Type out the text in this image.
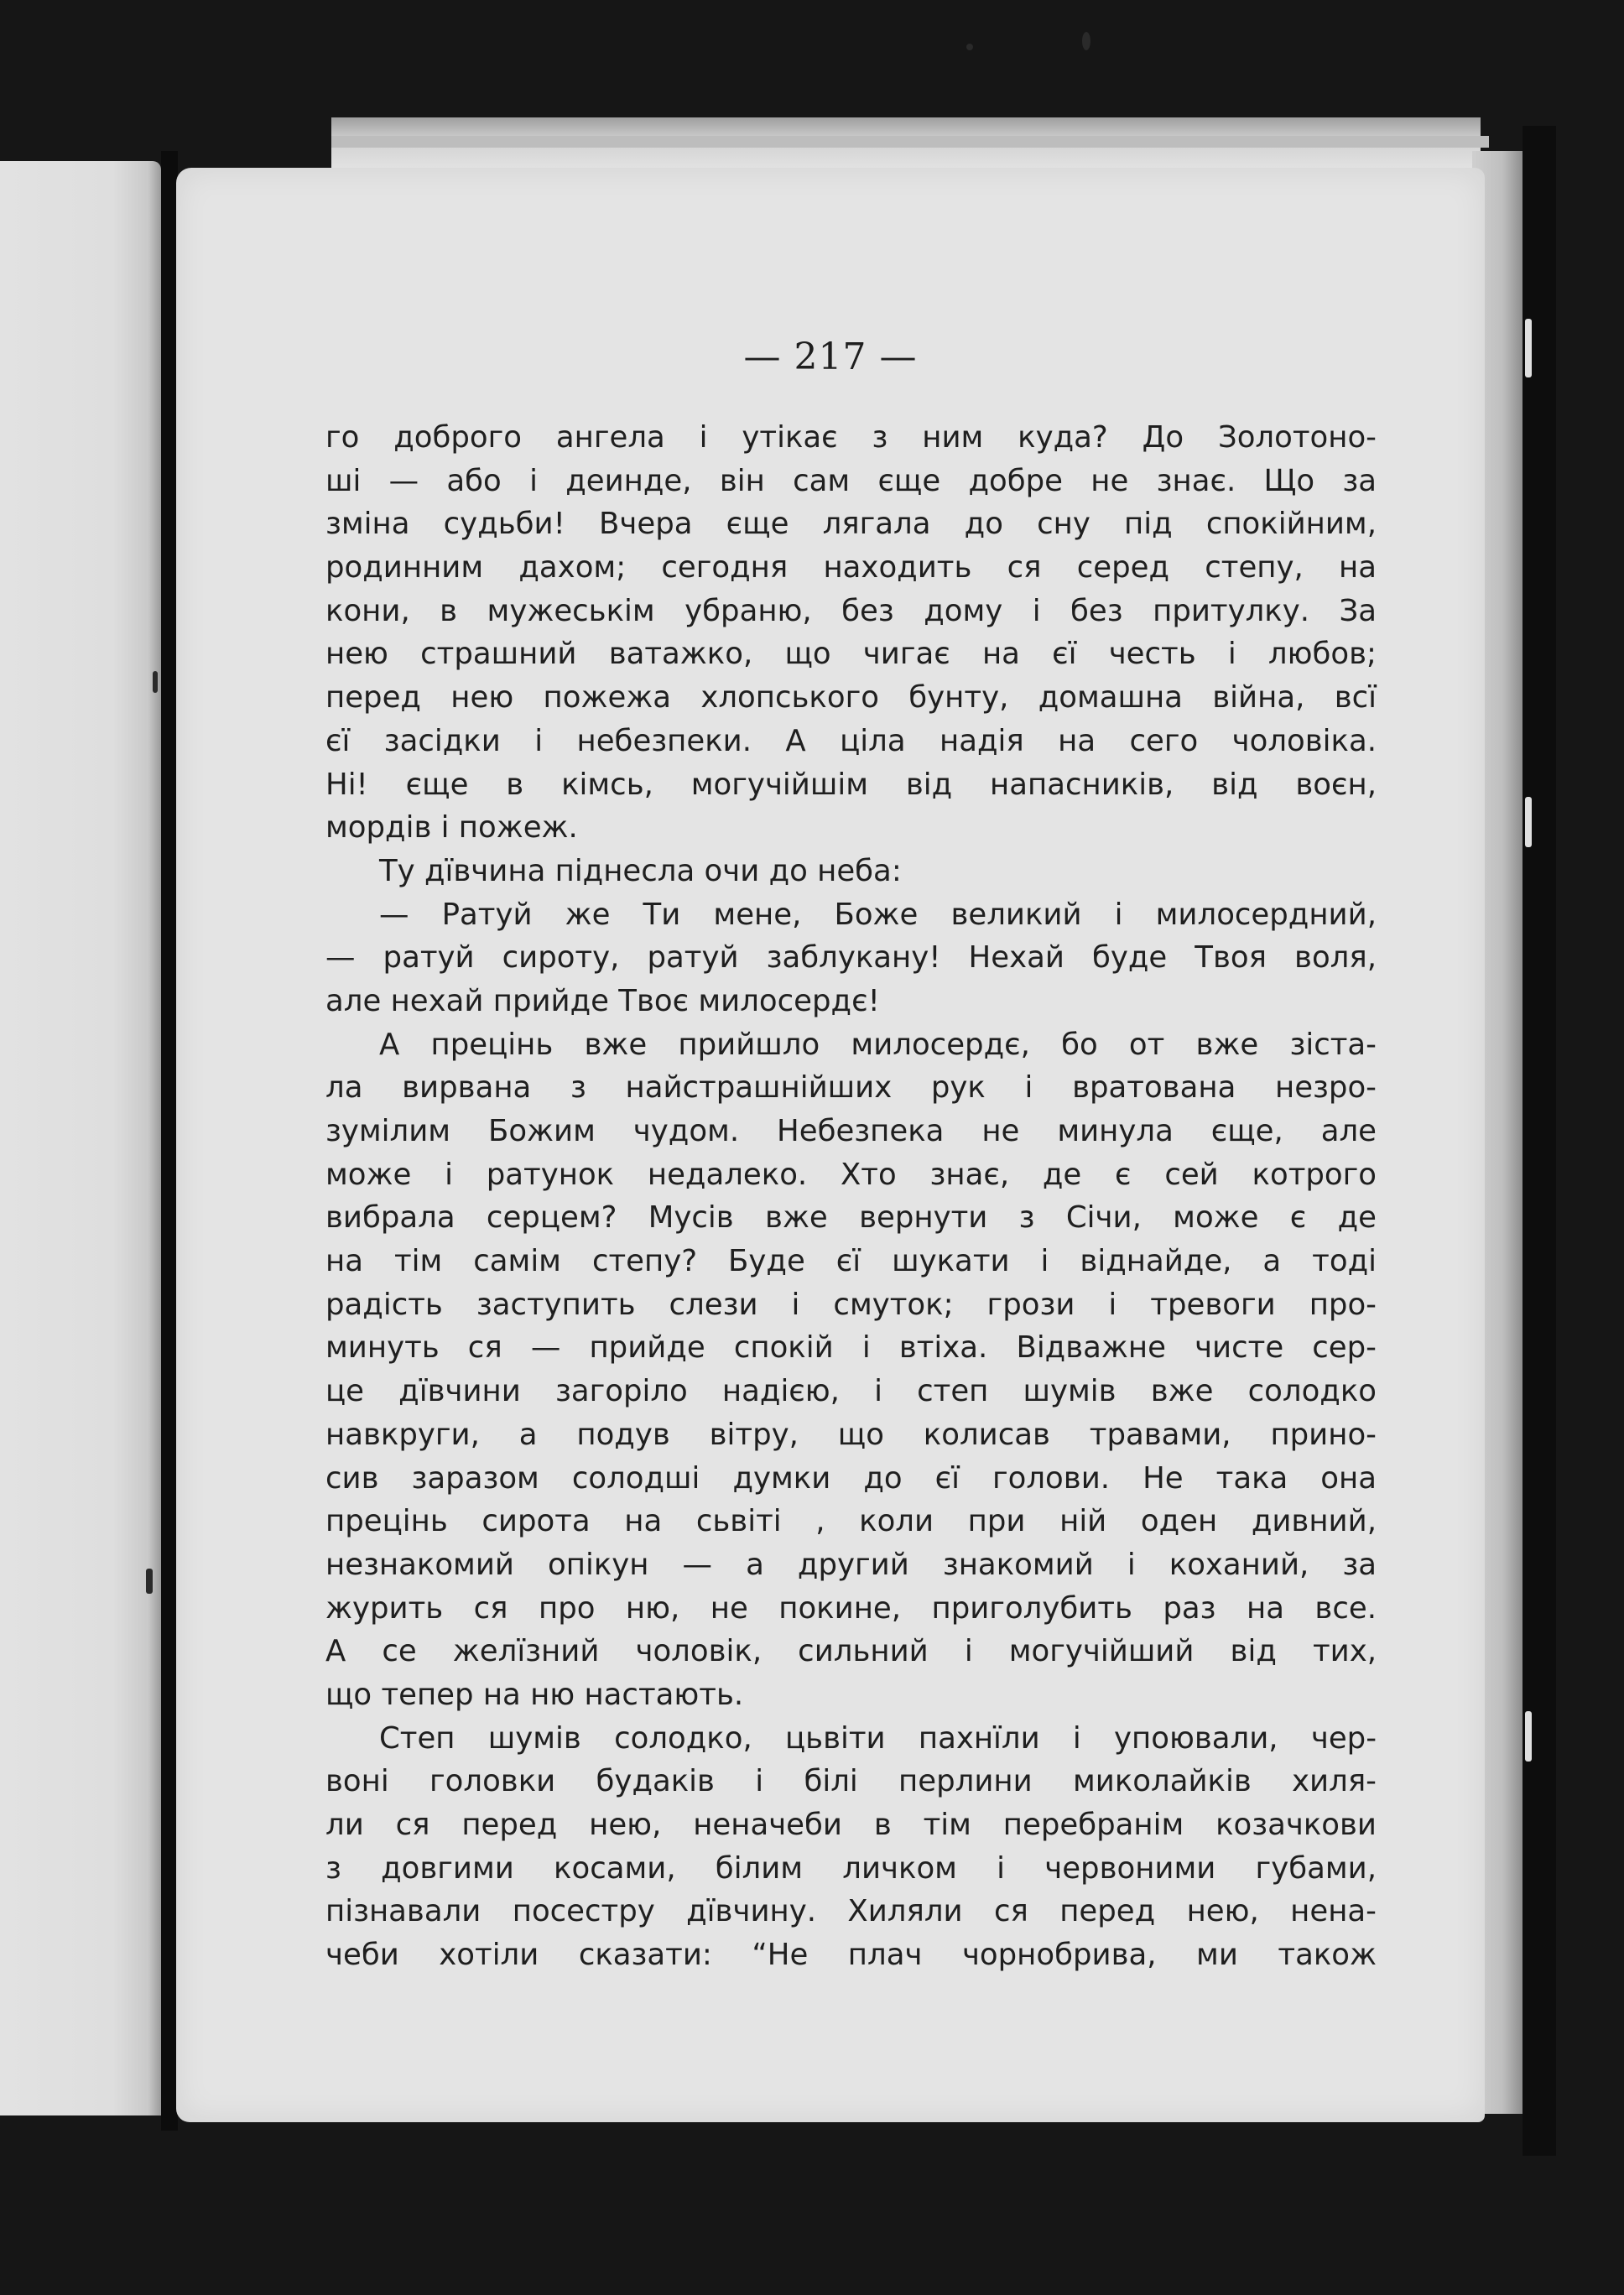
— 217 —
го доброго ангела і утікає з ним куда? До Золотоно-
ші — або і деинде, він сам єще добре не знає. Що за
зміна судьби! Вчера єще лягала до сну під спокійним,
родинним дахом; сегодня находить ся серед степу, на
кони, в мужеськім убраню, без дому і без притулку. За
нею страшний ватажко, що чигає на єї честь і любов;
перед нею пожежа хлопського бунту, домашна війна, всї
єї засідки і небезпеки. А ціла надія на сего чоловіка.
Ні! єще в кімсь, могучійшім від напасників, від воєн,
мордів і пожеж.
Ту дївчина піднесла очи до неба:
— Ратуй же Ти мене, Боже великий і милосердний,
— ратуй сироту, ратуй заблукану! Нехай буде Твоя воля,
але нехай прийде Твоє милосердє!
А прецінь вже прийшло милосердє, бо от вже зіста-
ла вирвана з найстрашнійших рук і вратована незро-
зумілим Божим чудом. Небезпека не минула єще, але
може і ратунок недалеко. Хто знає, де є сей котрого
вибрала серцем? Мусів вже вернути з Січи, може є де
на тім самім степу? Буде єї шукати і віднайде, а тоді
радість заступить слези і смуток; грози і тревоги про-
минуть ся — прийде спокій і втіха. Відважне чисте сер-
це дївчини загоріло надією, і степ шумів вже солодко
навкруги, а подув вітру, що колисав травами, прино-
сив заразом солодші думки до єї голови. Не така она
прецінь сирота на сьвіті , коли при ній оден дивний,
незнакомий опікун — а другий знакомий і коханий, за
журить ся про ню, не покине, приголубить раз на все.
А се желїзний чоловік, сильний і могучійший від тих,
що тепер на ню настають.
Степ шумів солодко, цьвіти пахнїли і упоювали, чер-
воні головки будаків і білі перлини миколайків хиля-
ли ся перед нею, неначеби в тім перебранім козачкови
з довгими косами, білим личком і червоними губами,
пізнавали посестру дївчину. Хиляли ся перед нею, нена-
чеби хотіли сказати: “Не плач чорнобрива, ми також
